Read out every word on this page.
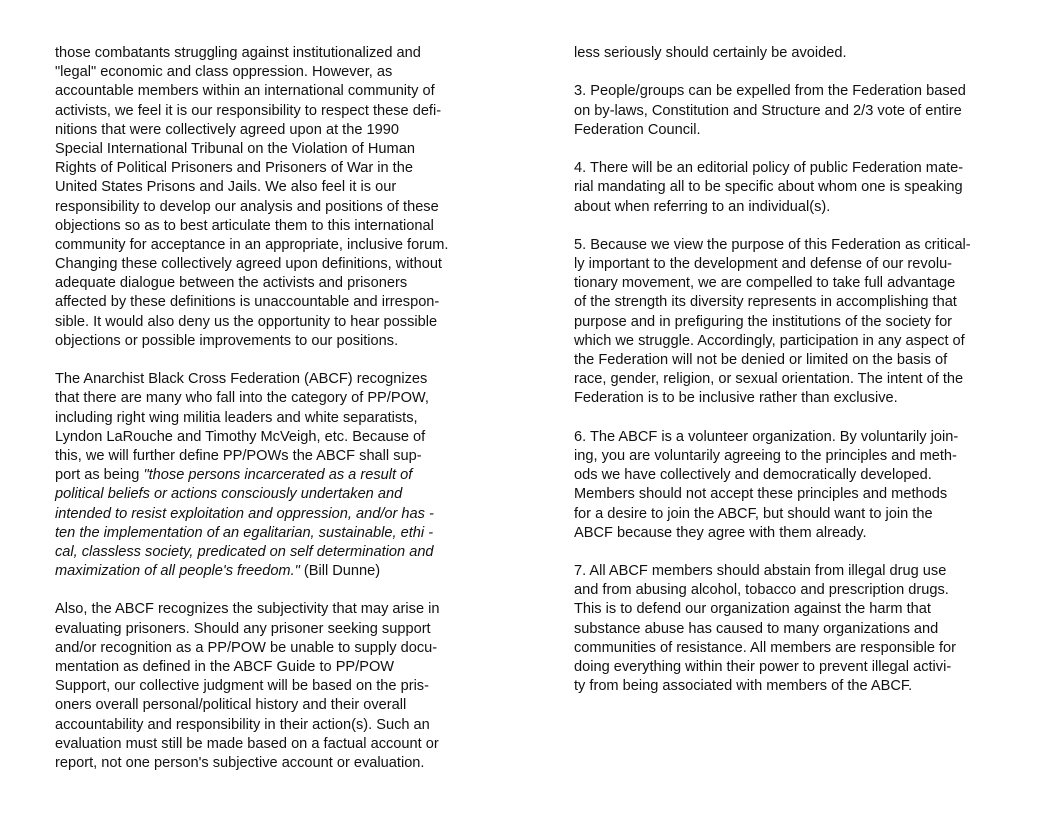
those combatants struggling against institutionalized and
"legal" economic and class oppression. However, as
accountable members within an international community of
activists, we feel it is our responsibility to respect these defi-
nitions that were collectively agreed upon at the 1990
Special International Tribunal on the Violation of Human
Rights of Political Prisoners and Prisoners of War in the
United States Prisons and Jails. We also feel it is our
responsibility to develop our analysis and positions of these
objections so as to best articulate them to this international
community for acceptance in an appropriate, inclusive forum.
Changing these collectively agreed upon definitions, without
adequate dialogue between the activists and prisoners
affected by these definitions is unaccountable and irrespon-
sible. It would also deny us the opportunity to hear possible
objections or possible improvements to our positions.
The Anarchist Black Cross Federation (ABCF) recognizes
that there are many who fall into the category of PP/POW,
including right wing militia leaders and white separatists,
Lyndon LaRouche and Timothy McVeigh, etc. Because of
this, we will further define PP/POWs the ABCF shall sup-
port as being "those persons incarcerated as a result of
political beliefs or actions consciously undertaken and
intended to resist exploitation and oppression, and/or has -
ten the implementation of an egalitarian, sustainable, ethi -
cal, classless society, predicated on self determination and
maximization of all people's freedom." (Bill Dunne)
Also, the ABCF recognizes the subjectivity that may arise in
evaluating prisoners. Should any prisoner seeking support
and/or recognition as a PP/POW be unable to supply docu-
mentation as defined in the ABCF Guide to PP/POW
Support, our collective judgment will be based on the pris-
oners overall personal/political history and their overall
accountability and responsibility in their action(s). Such an
evaluation must still be made based on a factual account or
report, not one person's subjective account or evaluation.
less seriously should certainly be avoided.
3. People/groups can be expelled from the Federation based
on by-laws, Constitution and Structure and 2/3 vote of entire
Federation Council.
4. There will be an editorial policy of public Federation mate-
rial mandating all to be specific about whom one is speaking
about when referring to an individual(s).
5. Because we view the purpose of this Federation as critical-
ly important to the development and defense of our revolu-
tionary movement, we are compelled to take full advantage
of the strength its diversity represents in accomplishing that
purpose and in prefiguring the institutions of the society for
which we struggle. Accordingly, participation in any aspect of
the Federation will not be denied or limited on the basis of
race, gender, religion, or sexual orientation. The intent of the
Federation is to be inclusive rather than exclusive.
6. The ABCF is a volunteer organization. By voluntarily join-
ing, you are voluntarily agreeing to the principles and meth-
ods we have collectively and democratically developed.
Members should not accept these principles and methods
for a desire to join the ABCF, but should want to join the
ABCF because they agree with them already.
7. All ABCF members should abstain from illegal drug use
and from abusing alcohol, tobacco and prescription drugs.
This is to defend our organization against the harm that
substance abuse has caused to many organizations and
communities of resistance. All members are responsible for
doing everything within their power to prevent illegal activi-
ty from being associated with members of the ABCF.
